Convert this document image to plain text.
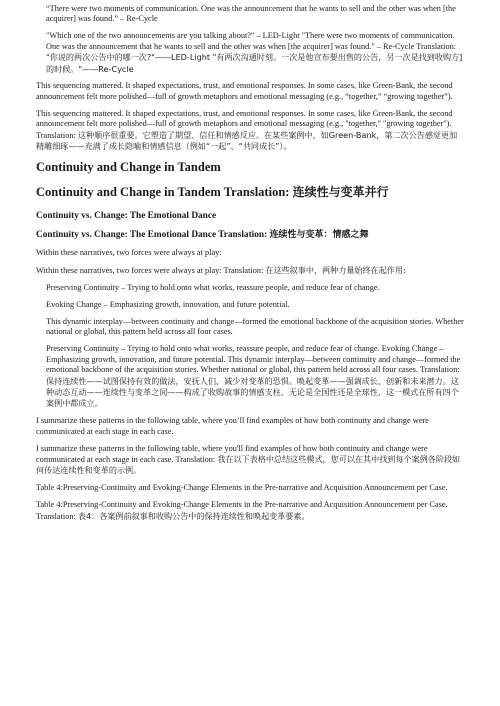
“There were two moments of communication. One was the announcement that he wants to sell and the other was when [the acquirer] was found.” – Re-Cycle

"Which one of the two announcements are you talking about?" – LED-Light "There were two moments of communication. One was the announcement that he wants to sell and the other was when [the acquirer] was found." – Re-Cycle Translation: "你说的两次公告中的哪一次?"——LED-Light "有两次沟通时刻。一次是他宣布要出售的公告，另一次是找到收购方]的时候。"——Re-Cycle

This sequencing mattered. It shaped expectations, trust, and emotional responses. In some cases, like Green-Bank, the second announcement felt more polished—full of growth metaphors and emotional messaging (e.g., “together,” “growing together”).

This sequencing mattered. It shaped expectations, trust, and emotional responses. In some cases, like Green-Bank, the second announcement felt more polished—full of growth metaphors and emotional messaging (e.g., "together," "growing together"). Translation: 这种顺序很重要。它塑造了期望、信任和情感反应。在某些案例中，如Green-Bank，第二次公告感觉更加精雕细琢——充满了成长隐喻和情感信息（例如“一起”、“共同成长”）。

Continuity and Change in Tandem
Continuity and Change in Tandem Translation: 连续性与变革并行
Continuity vs. Change: The Emotional Dance
Continuity vs. Change: The Emotional Dance Translation: 连续性与变革：情感之舞

Within these narratives, two forces were always at play:

Within these narratives, two forces were always at play: Translation: 在这些叙事中，两种力量始终在起作用:

Preserving Continuity – Trying to hold onto what works, reassure people, and reduce fear of change.

Evoking Change – Emphasizing growth, innovation, and future potential.

This dynamic interplay—between continuity and change—formed the emotional backbone of the acquisition stories. Whether national or global, this pattern held across all four cases.

Preserving Continuity – Trying to hold onto what works, reassure people, and reduce fear of change. Evoking Change – Emphasizing growth, innovation, and future potential. This dynamic interplay—between continuity and change—formed the emotional backbone of the acquisition stories. Whether national or global, this pattern held across all four cases. Translation: 保持连续性——试图保持有效的做法，安抚人们，减少对变革的恐惧。唤起变革——强调成长、创新和未来潜力。这种动态互动——连续性与变革之间——构成了收购故事的情感支柱。无论是全国性还是全球性，这一模式在所有四个案例中都成立。

I summarize these patterns in the following table, where you’ll find examples of how both continuity and change were communicated at each stage in each case.

I summarize these patterns in the following table, where you'll find examples of how both continuity and change were communicated at each stage in each case. Translation: 我在以下表格中总结这些模式，您可以在其中找到每个案例各阶段如何传达连续性和变革的示例。

Table 4:Preserving-Continuity and Evoking-Change Elements in the Pre-narrative and Acquisition Announcement per Case.

Table 4:Preserving-Continuity and Evoking-Change Elements in the Pre-narrative and Acquisition Announcement per Case. Translation: 表4：各案例前叙事和收购公告中的保持连续性和唤起变革要素。
